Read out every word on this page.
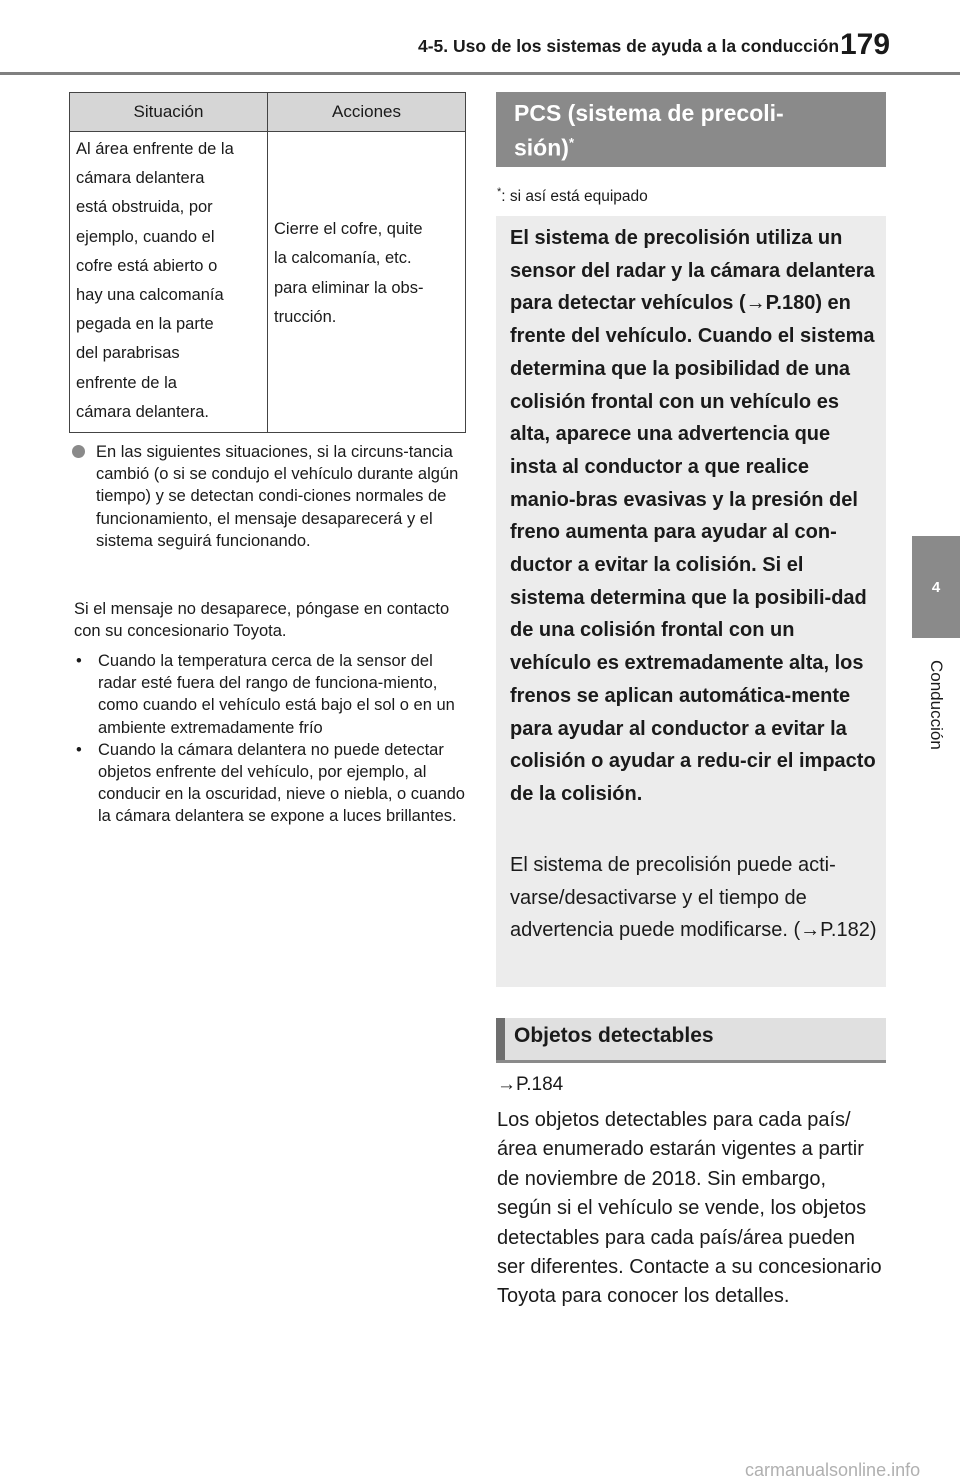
4-5. Uso de los sistemas de ayuda a la conducción 179
4
Conducción
Situación	Acciones
Al área enfrente de la
cámara delantera
está obstruida, por
ejemplo, cuando el
cofre está abierto o
hay una calcomanía
pegada en la parte
del parabrisas
enfrente de la
cámara delantera.
Cierre el cofre, quite
la calcomanía, etc.
para eliminar la obs-
trucción.
En las siguientes situaciones, si la circuns-tancia cambió (o si se condujo el vehículo durante algún tiempo) y se detectan condi-ciones normales de funcionamiento, el mensaje desaparecerá y el sistema seguirá funcionando.
Si el mensaje no desaparece, póngase en contacto con su concesionario Toyota.
• Cuando la temperatura cerca de la sensor del radar esté fuera del rango de funciona-miento, como cuando el vehículo está bajo el sol o en un ambiente extremadamente frío
• Cuando la cámara delantera no puede detectar objetos enfrente del vehículo, por ejemplo, al conducir en la oscuridad, nieve o niebla, o cuando la cámara delantera se expone a luces brillantes.
PCS (sistema de precoli-
sión)*
*: si así está equipado
El sistema de precolisión utiliza un sensor del radar y la cámara delantera para detectar vehículos (→P.180) en frente del vehículo. Cuando el sistema determina que la posibilidad de una colisión frontal con un vehículo es alta, aparece una advertencia que insta al conductor a que realice manio-bras evasivas y la presión del freno aumenta para ayudar al con-ductor a evitar la colisión. Si el sistema determina que la posibili-dad de una colisión frontal con un vehículo es extremadamente alta, los frenos se aplican automática-mente para ayudar al conductor a evitar la colisión o ayudar a redu-cir el impacto de la colisión.
El sistema de precolisión puede acti-varse/desactivarse y el tiempo de advertencia puede modificarse. (→P.182)
Objetos detectables
→P.184
Los objetos detectables para cada país/área enumerado estarán vigentes a partir de noviembre de 2018. Sin embargo, según si el vehículo se vende, los objetos detectables para cada país/área pueden ser diferentes. Contacte a su concesionario Toyota para conocer los detalles.
carmanualsonline.info
